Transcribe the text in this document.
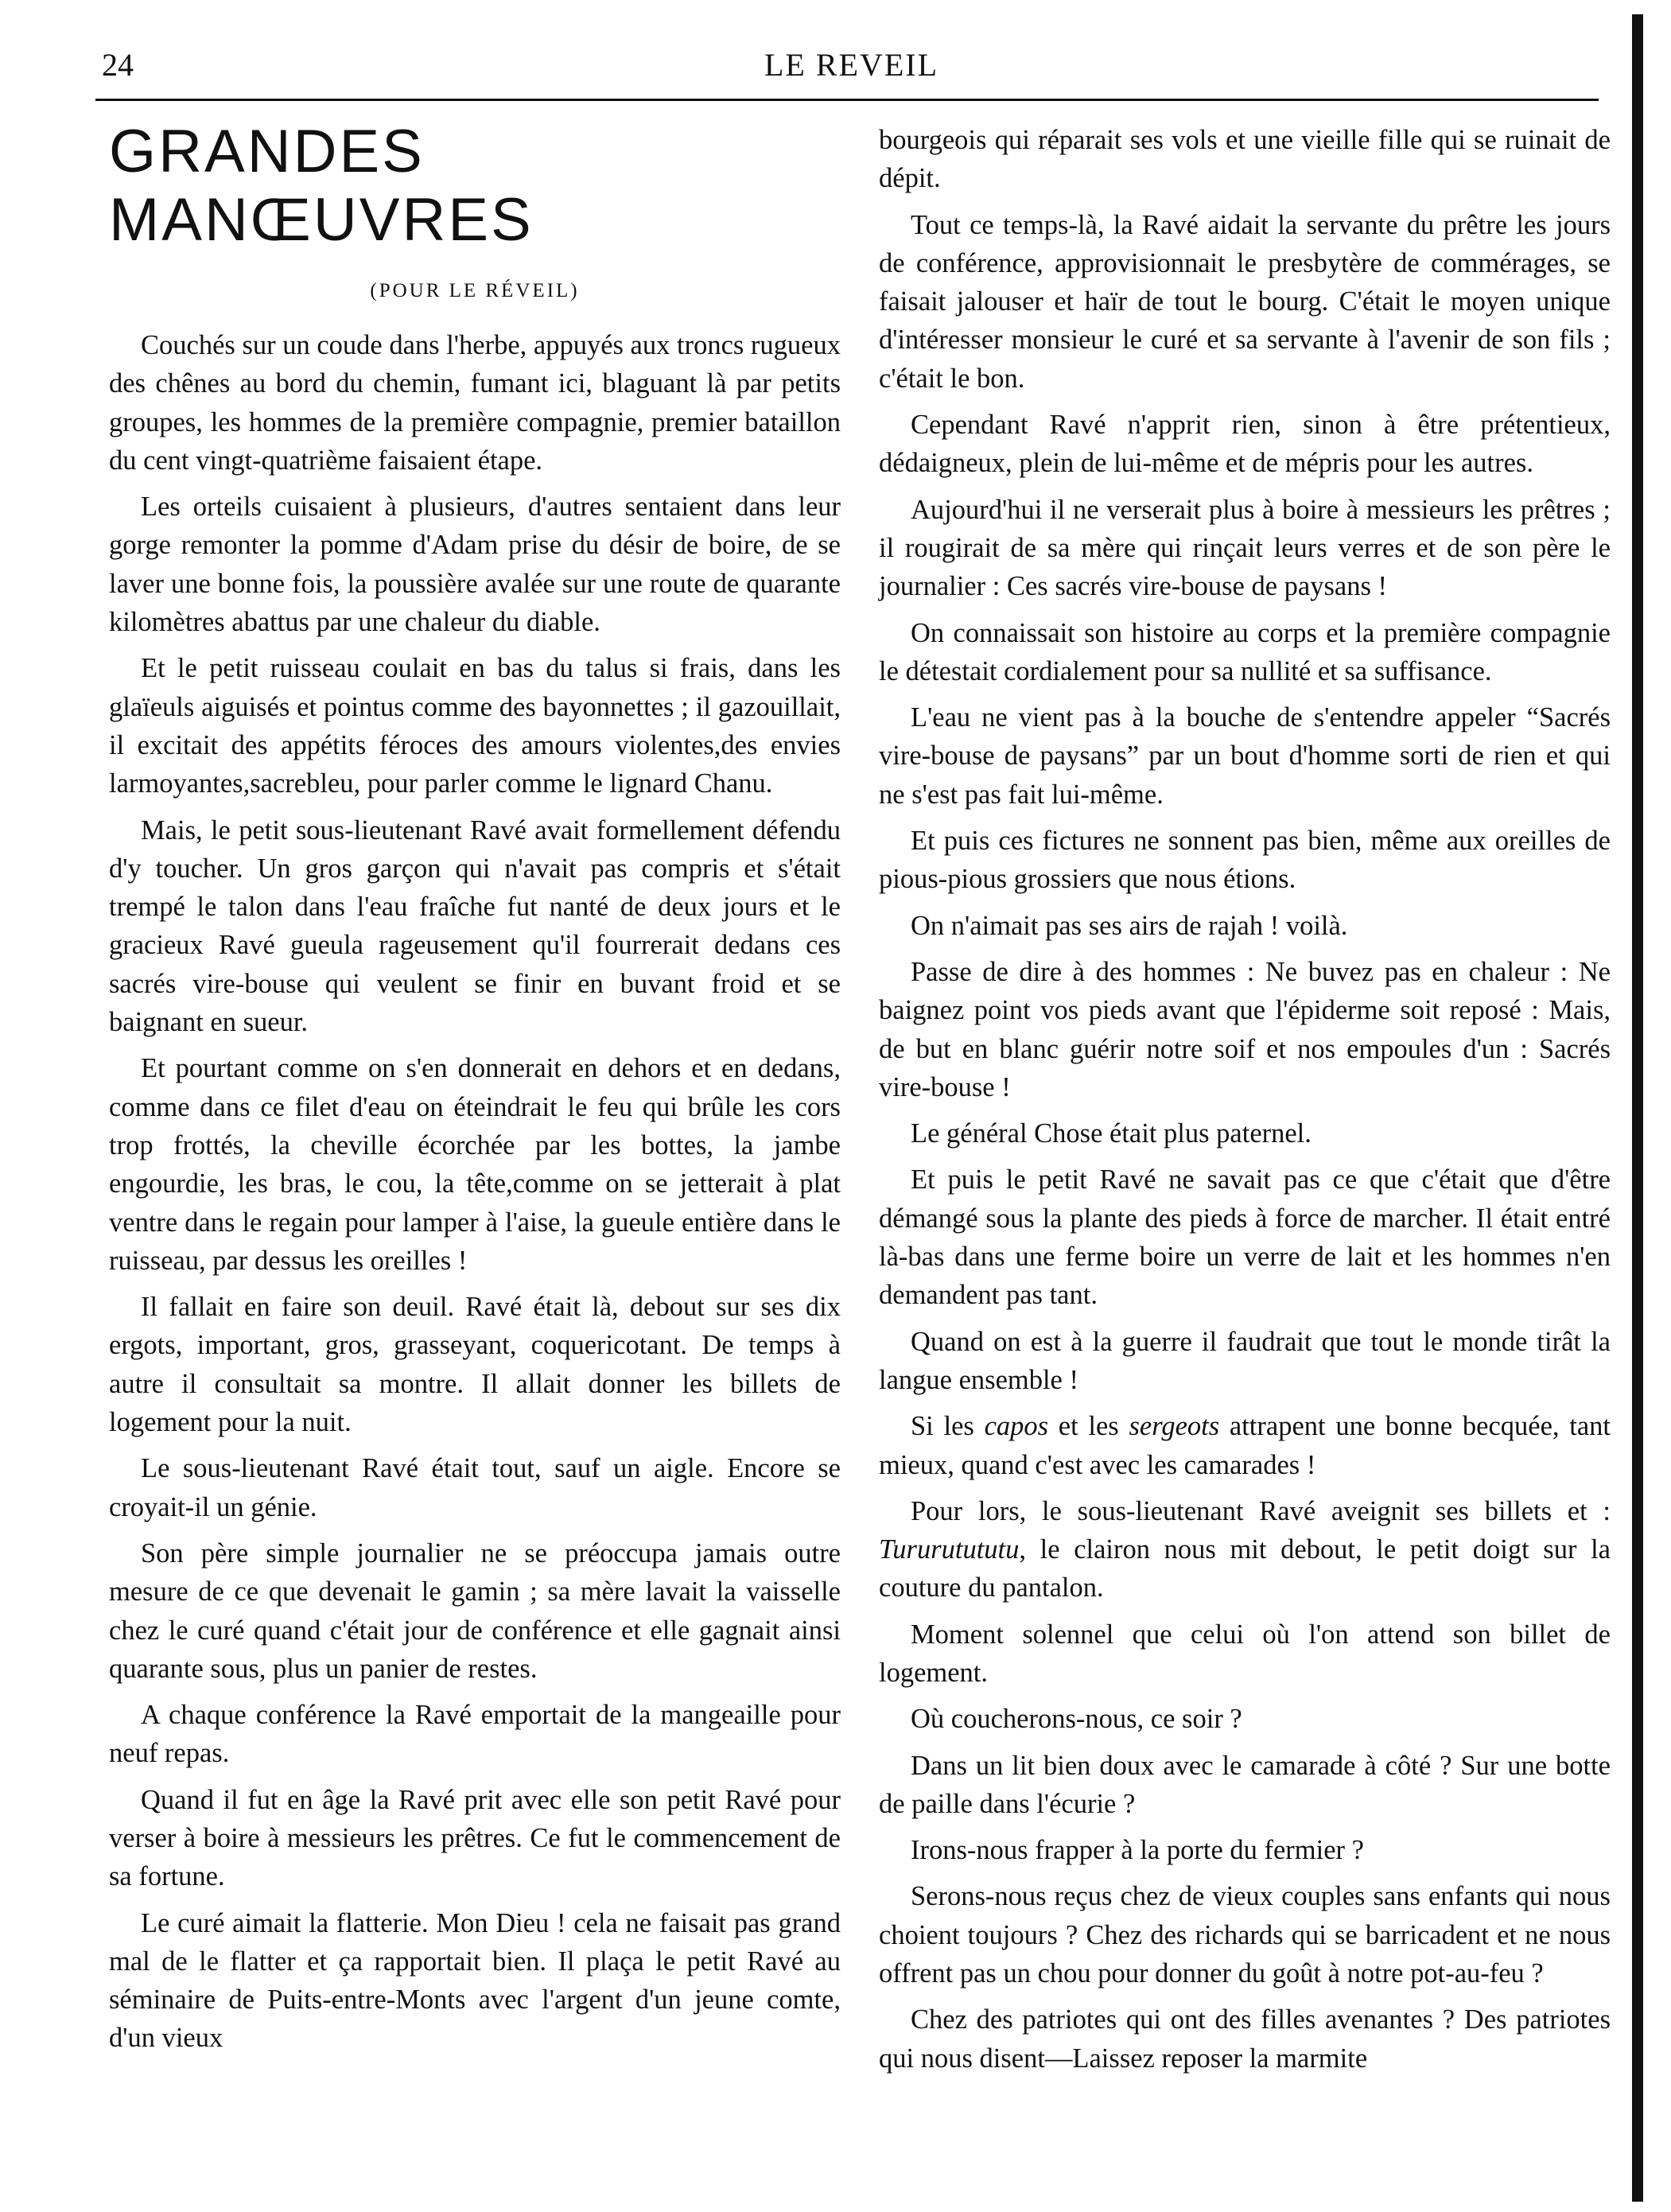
24	LE REVEIL
GRANDES MANŒUVRES
(POUR LE RÉVEIL)

Couchés sur un coude dans l'herbe, appuyés aux troncs rugueux des chênes au bord du chemin, fumant ici, blaguant là par petits groupes, les hommes de la première compagnie, premier bataillon du cent vingt-quatrième faisaient étape.

Les orteils cuisaient à plusieurs, d'autres sentaient dans leur gorge remonter la pomme d'Adam prise du désir de boire, de se laver une bonne fois, la poussière avalée sur une route de quarante kilomètres abattus par une chaleur du diable.

Et le petit ruisseau coulait en bas du talus si frais, dans les glaïeuls aiguisés et pointus comme des bayonnettes ; il gazouillait, il excitait des appétits féroces des amours violentes,des envies larmoyantes,sacrebleu, pour parler comme le lignard Chanu.

Mais, le petit sous-lieutenant Ravé avait formellement défendu d'y toucher. Un gros garçon qui n'avait pas compris et s'était trempé le talon dans l'eau fraîche fut nanté de deux jours et le gracieux Ravé gueula rageusement qu'il fourrerait dedans ces sacrés vire-bouse qui veulent se finir en buvant froid et se baignant en sueur.

Et pourtant comme on s'en donnerait en dehors et en dedans, comme dans ce filet d'eau on éteindrait le feu qui brûle les cors trop frottés, la cheville écorchée par les bottes, la jambe engourdie, les bras, le cou, la tête,comme on se jetterait à plat ventre dans le regain pour lamper à l'aise, la gueule entière dans le ruisseau, par dessus les oreilles !

Il fallait en faire son deuil. Ravé était là, debout sur ses dix ergots, important, gros, grasseyant, coquericotant. De temps à autre il consultait sa montre. Il allait donner les billets de logement pour la nuit.

Le sous-lieutenant Ravé était tout, sauf un aigle. Encore se croyait-il un génie.

Son père simple journalier ne se préoccupa jamais outre mesure de ce que devenait le gamin ; sa mère lavait la vaisselle chez le curé quand c'était jour de conférence et elle gagnait ainsi quarante sous, plus un panier de restes.

A chaque conférence la Ravé emportait de la mangeaille pour neuf repas.

Quand il fut en âge la Ravé prit avec elle son petit Ravé pour verser à boire à messieurs les prêtres. Ce fut le commencement de sa fortune.

Le curé aimait la flatterie. Mon Dieu ! cela ne faisait pas grand mal de le flatter et ça rapportait bien. Il plaça le petit Ravé au séminaire de Puits-entre-Monts avec l'argent d'un jeune comte, d'un vieux

bourgeois qui réparait ses vols et une vieille fille qui se ruinait de dépit.

Tout ce temps-là, la Ravé aidait la servante du prêtre les jours de conférence, approvisionnait le presbytère de commérages, se faisait jalouser et haïr de tout le bourg. C'était le moyen unique d'intéresser monsieur le curé et sa servante à l'avenir de son fils ; c'était le bon.

Cependant Ravé n'apprit rien, sinon à être prétentieux, dédaigneux, plein de lui-même et de mépris pour les autres.

Aujourd'hui il ne verserait plus à boire à messieurs les prêtres ; il rougirait de sa mère qui rinçait leurs verres et de son père le journalier : Ces sacrés vire-bouse de paysans !

On connaissait son histoire au corps et la première compagnie le détestait cordialement pour sa nullité et sa suffisance.

L'eau ne vient pas à la bouche de s'entendre appeler “Sacrés vire-bouse de paysans” par un bout d'homme sorti de rien et qui ne s'est pas fait lui-même.

Et puis ces fictures ne sonnent pas bien, même aux oreilles de pious-pious grossiers que nous étions.

On n'aimait pas ses airs de rajah ! voilà.

Passe de dire à des hommes : Ne buvez pas en chaleur : Ne baignez point vos pieds avant que l'épiderme soit reposé : Mais, de but en blanc guérir notre soif et nos empoules d'un : Sacrés vire-bouse !

Le général Chose était plus paternel.

Et puis le petit Ravé ne savait pas ce que c'était que d'être démangé sous la plante des pieds à force de marcher. Il était entré là-bas dans une ferme boire un verre de lait et les hommes n'en demandent pas tant.

Quand on est à la guerre il faudrait que tout le monde tirât la langue ensemble !

Si les capos et les sergeots attrapent une bonne becquée, tant mieux, quand c'est avec les camarades !

Pour lors, le sous-lieutenant Ravé aveignit ses billets et : Tururutututu, le clairon nous mit debout, le petit doigt sur la couture du pantalon.

Moment solennel que celui où l'on attend son billet de logement.

Où coucherons-nous, ce soir ?

Dans un lit bien doux avec le camarade à côté ? Sur une botte de paille dans l'écurie ?

Irons-nous frapper à la porte du fermier ?

Serons-nous reçus chez de vieux couples sans enfants qui nous choient toujours ? Chez des richards qui se barricadent et ne nous offrent pas un chou pour donner du goût à notre pot-au-feu ?

Chez des patriotes qui ont des filles avenantes ? Des patriotes qui nous disent—Laissez reposer la marmite
